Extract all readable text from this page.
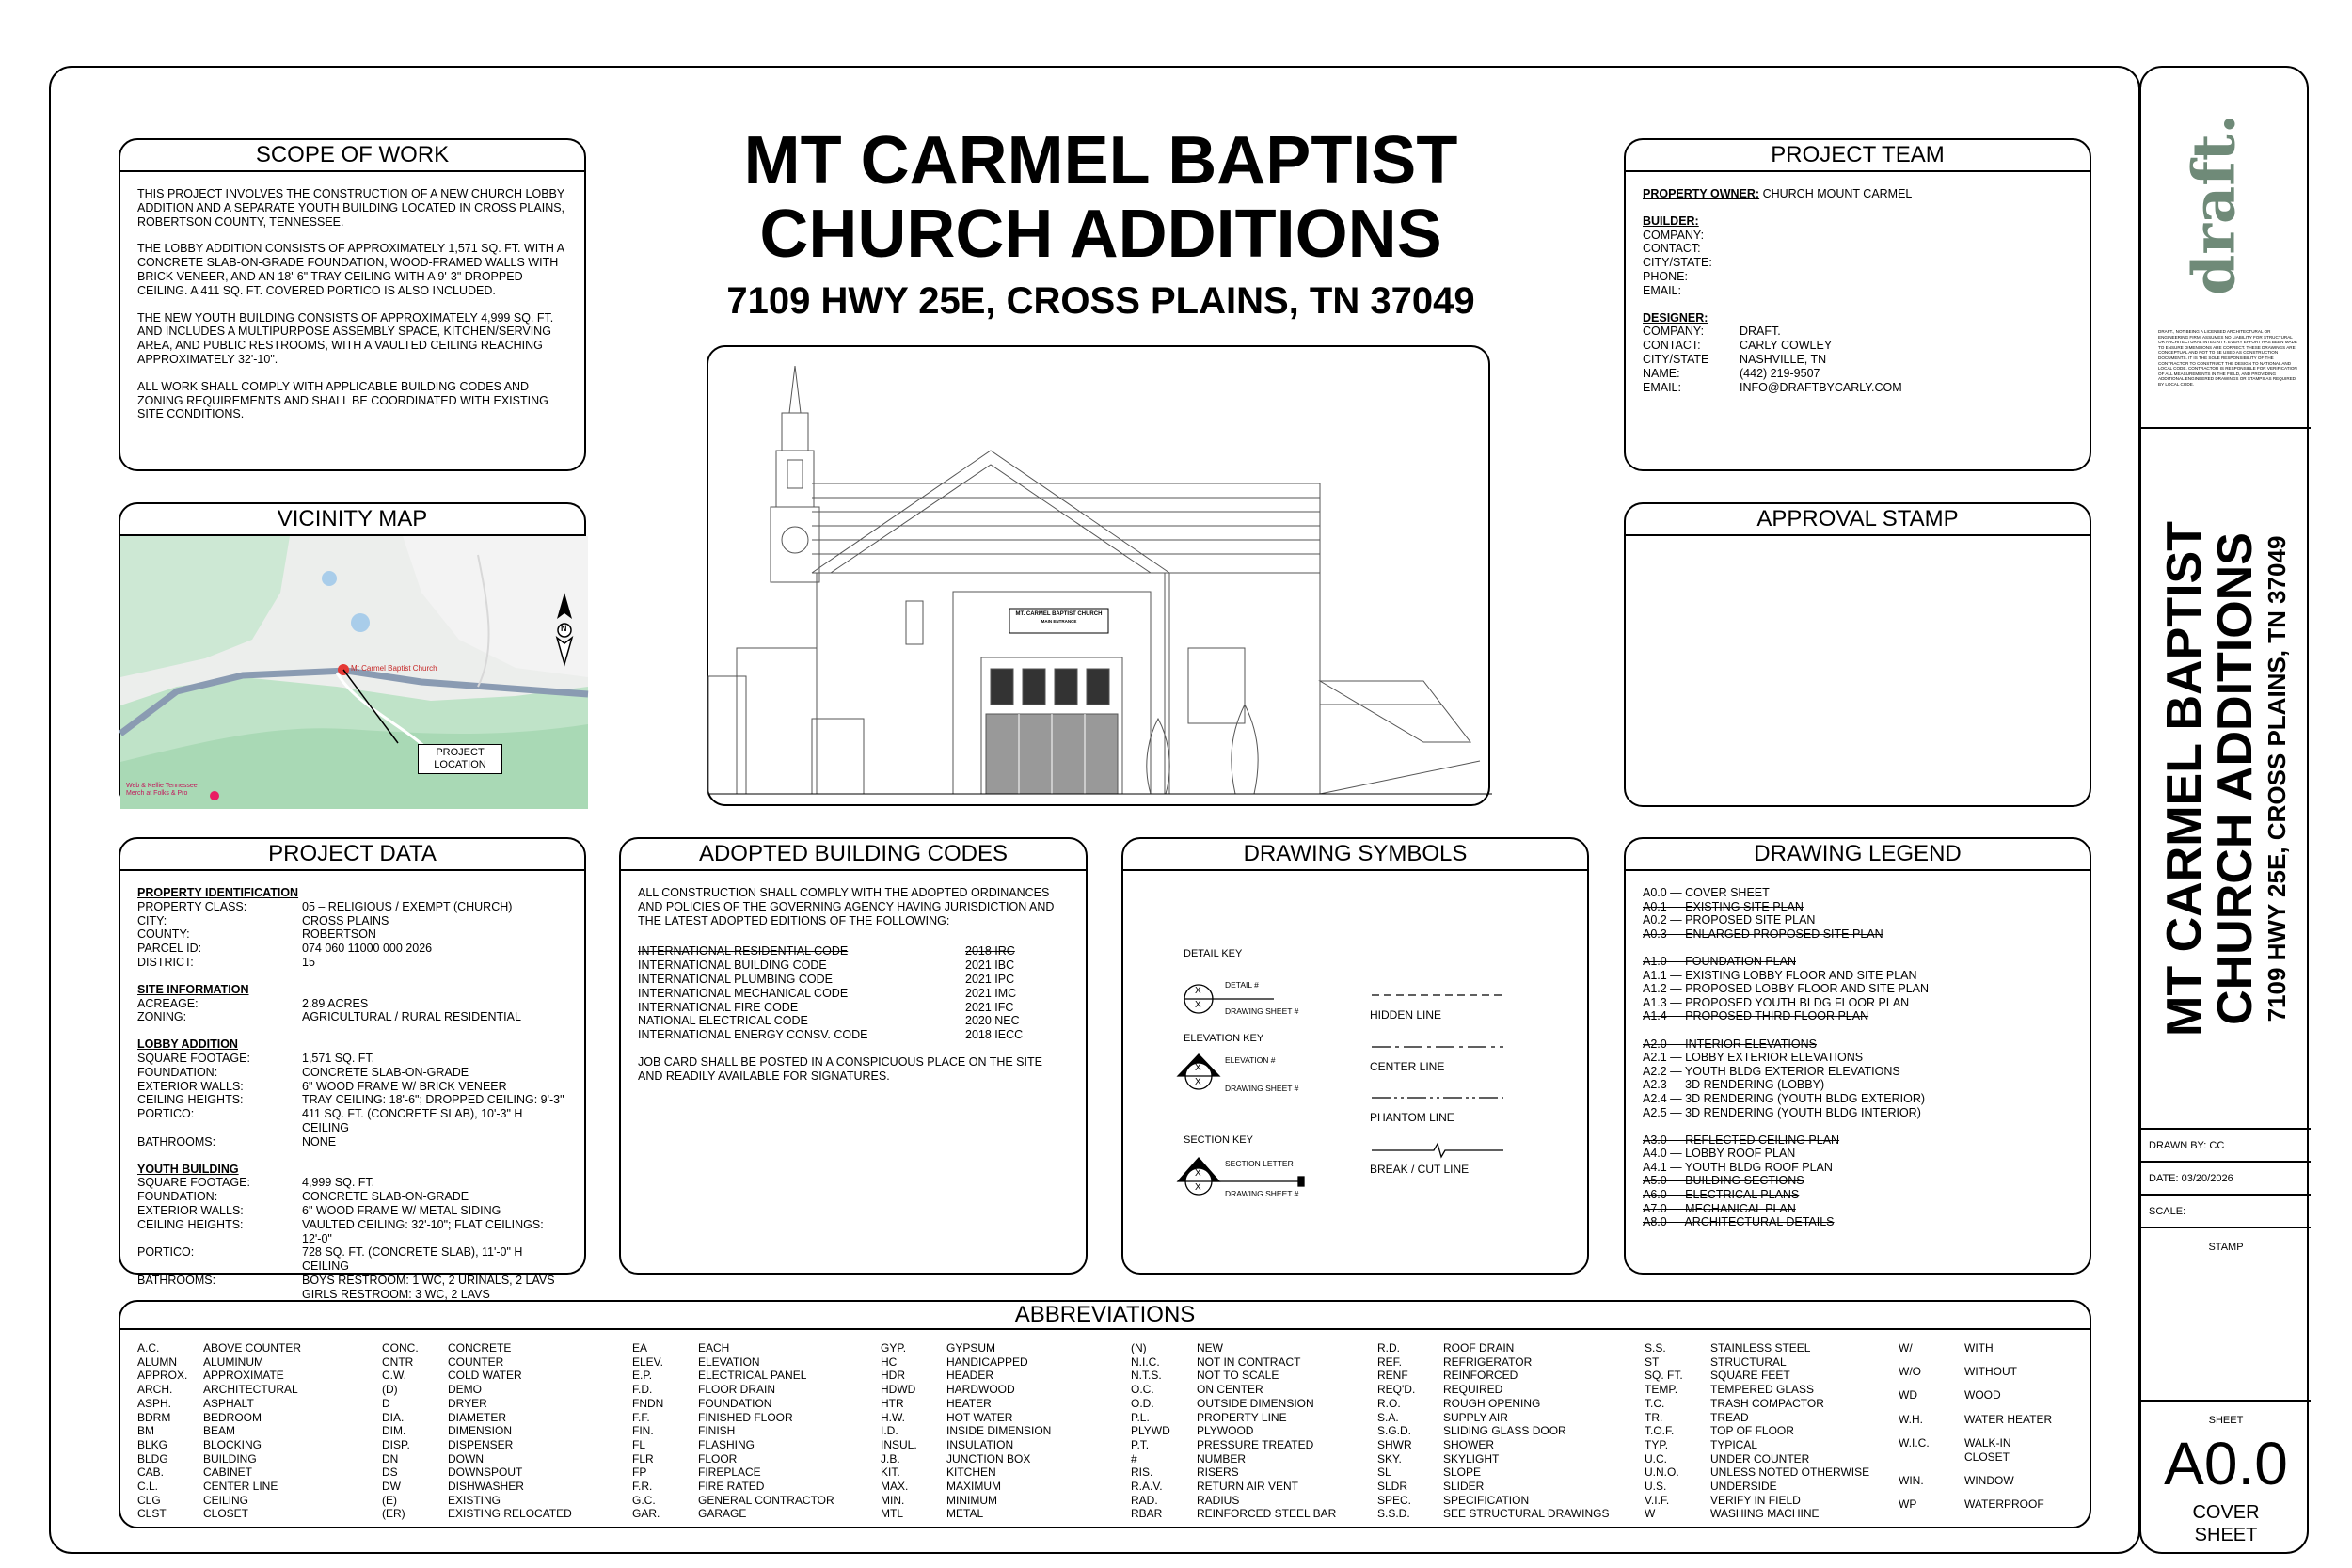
MT CARMEL BAPTIST
CHURCH ADDITIONS
7109 HWY 25E, CROSS PLAINS, TN 37049
SCOPE OF WORK

THIS PROJECT INVOLVES THE CONSTRUCTION OF A NEW CHURCH LOBBY ADDITION AND A SEPARATE YOUTH BUILDING LOCATED IN CROSS PLAINS, ROBERTSON COUNTY, TENNESSEE.

THE LOBBY ADDITION CONSISTS OF APPROXIMATELY 1,571 SQ. FT. WITH A CONCRETE SLAB-ON-GRADE FOUNDATION, WOOD-FRAMED WALLS WITH BRICK VENEER, AND AN 18'-6" TRAY CEILING WITH A 9'-3" DROPPED CEILING. A 411 SQ. FT. COVERED PORTICO IS ALSO INCLUDED.

THE NEW YOUTH BUILDING CONSISTS OF APPROXIMATELY 4,999 SQ. FT. AND INCLUDES A MULTIPURPOSE ASSEMBLY SPACE, KITCHEN/SERVING AREA, AND PUBLIC RESTROOMS, WITH A VAULTED CEILING REACHING APPROXIMATELY 32'-10".

ALL WORK SHALL COMPLY WITH APPLICABLE BUILDING CODES AND ZONING REQUIREMENTS AND SHALL BE COORDINATED WITH EXISTING SITE CONDITIONS.

VICINITY MAP
N
Mt Carmel Baptist Church
Web & Kellie Tennessee Merch at Folks & Pro
PROJECT
LOCATION
PROJECT DATA
PROPERTY IDENTIFICATION
PROPERTY CLASS:	05 – RELIGIOUS / EXEMPT (CHURCH)
CITY:	CROSS PLAINS
COUNTY:	ROBERTSON
PARCEL ID:	074 060 11000 000 2026
DISTRICT:	15
SITE INFORMATION
ACREAGE:	2.89 ACRES
ZONING:	AGRICULTURAL / RURAL RESIDENTIAL
LOBBY ADDITION
SQUARE FOOTAGE:	1,571 SQ. FT.
FOUNDATION:	CONCRETE SLAB-ON-GRADE
EXTERIOR WALLS:	6" WOOD FRAME W/ BRICK VENEER
CEILING HEIGHTS:	TRAY CEILING: 18'-6"; DROPPED CEILING: 9'-3"
PORTICO:	411 SQ. FT. (CONCRETE SLAB), 10'-3" H CEILING
BATHROOMS:	NONE
YOUTH BUILDING
SQUARE FOOTAGE:	4,999 SQ. FT.
FOUNDATION:	CONCRETE SLAB-ON-GRADE
EXTERIOR WALLS:	6" WOOD FRAME W/ METAL SIDING
CEILING HEIGHTS:	VAULTED CEILING: 32'-10"; FLAT CEILINGS: 12'-0"
PORTICO:	728 SQ. FT. (CONCRETE SLAB), 11'-0" H CEILING
BATHROOMS:	BOYS RESTROOM: 1 WC, 2 URINALS, 2 LAVS
GIRLS RESTROOM: 3 WC, 2 LAVS
MT. CARMEL BAPTIST CHURCH
MAIN ENTRANCE
ADOPTED BUILDING CODES

ALL CONSTRUCTION SHALL COMPLY WITH THE ADOPTED ORDINANCES AND POLICIES OF THE GOVERNING AGENCY HAVING JURISDICTION AND THE LATEST ADOPTED EDITIONS OF THE FOLLOWING:

INTERNATIONAL RESIDENTIAL CODE	2018 IRC
INTERNATIONAL BUILDING CODE	2021 IBC
INTERNATIONAL PLUMBING CODE	2021 IPC
INTERNATIONAL MECHANICAL CODE	2021 IMC
INTERNATIONAL FIRE CODE	2021 IFC
NATIONAL ELECTRICAL CODE	2020 NEC
INTERNATIONAL ENERGY CONSV. CODE	2018 IECC

JOB CARD SHALL BE POSTED IN A CONSPICUOUS PLACE ON THE SITE AND READILY AVAILABLE FOR SIGNATURES.

DRAWING SYMBOLS
DETAIL KEY
DETAIL #
X
X
DRAWING SHEET #
ELEVATION KEY
ELEVATION #
X
X
DRAWING SHEET #
SECTION KEY
SECTION LETTER
X
X
DRAWING SHEET #
HIDDEN LINE
CENTER LINE
PHANTOM LINE
BREAK / CUT LINE
PROJECT TEAM
PROPERTY OWNER: CHURCH MOUNT CARMEL
BUILDER:
COMPANY:
CONTACT:
CITY/STATE:
PHONE:
EMAIL:
DESIGNER:
COMPANY:	DRAFT.
CONTACT:	CARLY COWLEY
CITY/STATE	NASHVILLE, TN
NAME:	(442) 219-9507
EMAIL:	INFO@DRAFTBYCARLY.COM
APPROVAL STAMP
DRAWING LEGEND
A0.0 — COVER SHEET
A0.1 — EXISTING SITE PLAN
A0.2 — PROPOSED SITE PLAN
A0.3 — ENLARGED PROPOSED SITE PLAN
A1.0 — FOUNDATION PLAN
A1.1 — EXISTING LOBBY FLOOR AND SITE PLAN
A1.2 — PROPOSED LOBBY FLOOR AND SITE PLAN
A1.3 — PROPOSED YOUTH BLDG FLOOR PLAN
A1.4 — PROPOSED THIRD FLOOR PLAN
A2.0 — INTERIOR ELEVATIONS
A2.1 — LOBBY EXTERIOR ELEVATIONS
A2.2 — YOUTH BLDG EXTERIOR ELEVATIONS
A2.3 — 3D RENDERING (LOBBY)
A2.4 — 3D RENDERING (YOUTH BLDG EXTERIOR)
A2.5 — 3D RENDERING (YOUTH BLDG INTERIOR)
A3.0 — REFLECTED CEILING PLAN
A4.0 — LOBBY ROOF PLAN
A4.1 — YOUTH BLDG ROOF PLAN
A5.0 — BUILDING SECTIONS
A6.0 — ELECTRICAL PLANS
A7.0 — MECHANICAL PLAN
A8.0 — ARCHITECTURAL DETAILS
ABBREVIATIONS
A.C.	ABOVE COUNTER
ALUMN	ALUMINUM
APPROX.	APPROXIMATE
ARCH.	ARCHITECTURAL
ASPH.	ASPHALT
BDRM	BEDROOM
BM	BEAM
BLKG	BLOCKING
BLDG	BUILDING
CAB.	CABINET
C.L.	CENTER LINE
CLG	CEILING
CLST	CLOSET
CONC.	CONCRETE
CNTR	COUNTER
C.W.	COLD WATER
(D)	DEMO
D	DRYER
DIA.	DIAMETER
DIM.	DIMENSION
DISP.	DISPENSER
DN	DOWN
DS	DOWNSPOUT
DW	DISHWASHER
(E)	EXISTING
(ER)	EXISTING RELOCATED
EA	EACH
ELEV.	ELEVATION
E.P.	ELECTRICAL PANEL
F.D.	FLOOR DRAIN
FNDN	FOUNDATION
F.F.	FINISHED FLOOR
FIN.	FINISH
FL	FLASHING
FLR	FLOOR
FP	FIREPLACE
F.R.	FIRE RATED
G.C.	GENERAL CONTRACTOR
GAR.	GARAGE
GYP.	GYPSUM
HC	HANDICAPPED
HDR	HEADER
HDWD	HARDWOOD
HTR	HEATER
H.W.	HOT WATER
I.D.	INSIDE DIMENSION
INSUL.	INSULATION
J.B.	JUNCTION BOX
KIT.	KITCHEN
MAX.	MAXIMUM
MIN.	MINIMUM
MTL	METAL
(N)	NEW
N.I.C.	NOT IN CONTRACT
N.T.S.	NOT TO SCALE
O.C.	ON CENTER
O.D.	OUTSIDE DIMENSION
P.L.	PROPERTY LINE
PLYWD	PLYWOOD
P.T.	PRESSURE TREATED
#	NUMBER
RIS.	RISERS
R.A.V.	RETURN AIR VENT
RAD.	RADIUS
RBAR	REINFORCED STEEL BAR
R.D.	ROOF DRAIN
REF.	REFRIGERATOR
RENF	REINFORCED
REQ'D.	REQUIRED
R.O.	ROUGH OPENING
S.A.	SUPPLY AIR
S.G.D.	SLIDING GLASS DOOR
SHWR	SHOWER
SKY.	SKYLIGHT
SL	SLOPE
SLDR	SLIDER
SPEC.	SPECIFICATION
S.S.D.	SEE STRUCTURAL DRAWINGS
S.S.	STAINLESS STEEL
ST	STRUCTURAL
SQ. FT.	SQUARE FEET
TEMP.	TEMPERED GLASS
T.C.	TRASH COMPACTOR
TR.	TREAD
T.O.F.	TOP OF FLOOR
TYP.	TYPICAL
U.C.	UNDER COUNTER
U.N.O.	UNLESS NOTED OTHERWISE
U.S.	UNDERSIDE
V.I.F.	VERIFY IN FIELD
W	WASHING MACHINE
W/	WITH
W/O	WITHOUT
WD	WOOD
W.H.	WATER HEATER
W.I.C.	WALK-IN CLOSET
WIN.	WINDOW
WP	WATERPROOF
draft.
DRAFT., NOT BEING A LICENSED ARCHITECTURAL OR ENGINEERING FIRM, ASSUMES NO LIABILITY FOR STRUCTURAL OR ARCHITECTURAL INTEGRITY. EVERY EFFORT HAS BEEN MADE TO ENSURE DIMENSIONS ARE CORRECT. THESE DRAWINGS ARE CONCEPTUAL AND NOT TO BE USED AS CONSTRUCTION DOCUMENTS. IT IS THE SOLE RESPONSIBILITY OF THE CONTRACTOR TO CONSTRUCT THE DESIGN TO NATIONAL AND LOCAL CODE. CONTRACTOR IS RESPONSIBLE FOR VERIFICATION OF ALL MEASUREMENTS IN THE FIELD, AND PROVIDING ADDITIONAL ENGINEERED DRAWINGS OR STAMPS AS REQUIRED BY LOCAL CODE.
MT CARMEL BAPTIST
CHURCH ADDITIONS 7109 HWY 25E, CROSS PLAINS, TN 37049
DRAWN BY: CC
DATE: 03/20/2026
SCALE:
STAMP
SHEET
A0.0
COVER
SHEET
